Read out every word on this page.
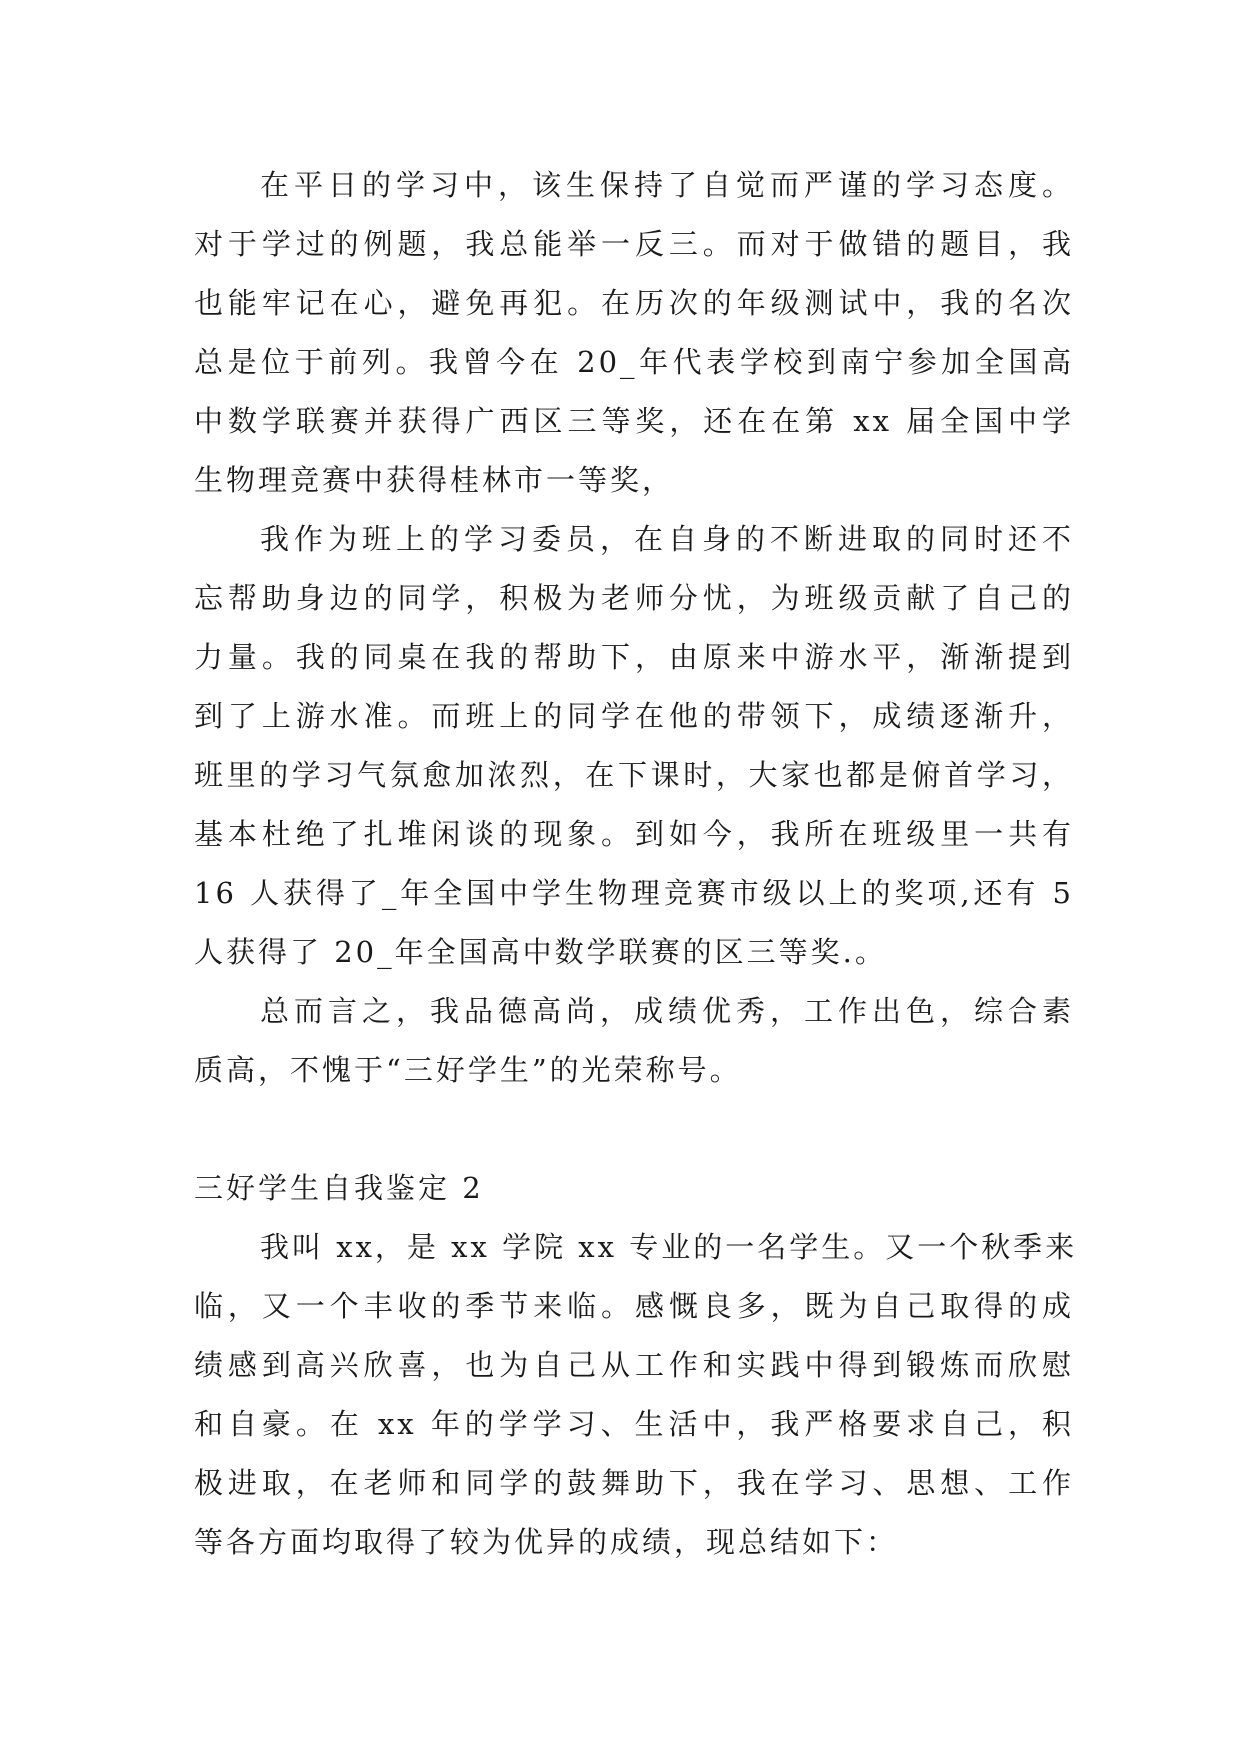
在平日的学习中，该生保持了自觉而严谨的学习态度。
对于学过的例题，我总能举一反三。而对于做错的题目，我
也能牢记在心，避免再犯。在历次的年级测试中，我的名次
总是位于前列。我曾今在 20_年代表学校到南宁参加全国高
中数学联赛并获得广西区三等奖，还在在第 xx 届全国中学
生物理竞赛中获得桂林市一等奖，
我作为班上的学习委员，在自身的不断进取的同时还不
忘帮助身边的同学，积极为老师分忧，为班级贡献了自己的
力量。我的同桌在我的帮助下，由原来中游水平，渐渐提到
到了上游水准。而班上的同学在他的带领下，成绩逐渐升，
班里的学习气氛愈加浓烈，在下课时，大家也都是俯首学习，
基本杜绝了扎堆闲谈的现象。到如今，我所在班级里一共有
16 人获得了_年全国中学生物理竞赛市级以上的奖项,还有 5
人获得了 20_年全国高中数学联赛的区三等奖.。
总而言之，我品德高尚，成绩优秀，工作出色，综合素
质高，不愧于“三好学生”的光荣称号。
三好学生自我鉴定 2
我叫 xx，是 xx 学院 xx 专业的一名学生。又一个秋季来
临，又一个丰收的季节来临。感慨良多，既为自己取得的成
绩感到高兴欣喜，也为自己从工作和实践中得到锻炼而欣慰
和自豪。在 xx 年的学学习、生活中，我严格要求自己，积
极进取，在老师和同学的鼓舞助下，我在学习、思想、工作
等各方面均取得了较为优异的成绩，现总结如下：
